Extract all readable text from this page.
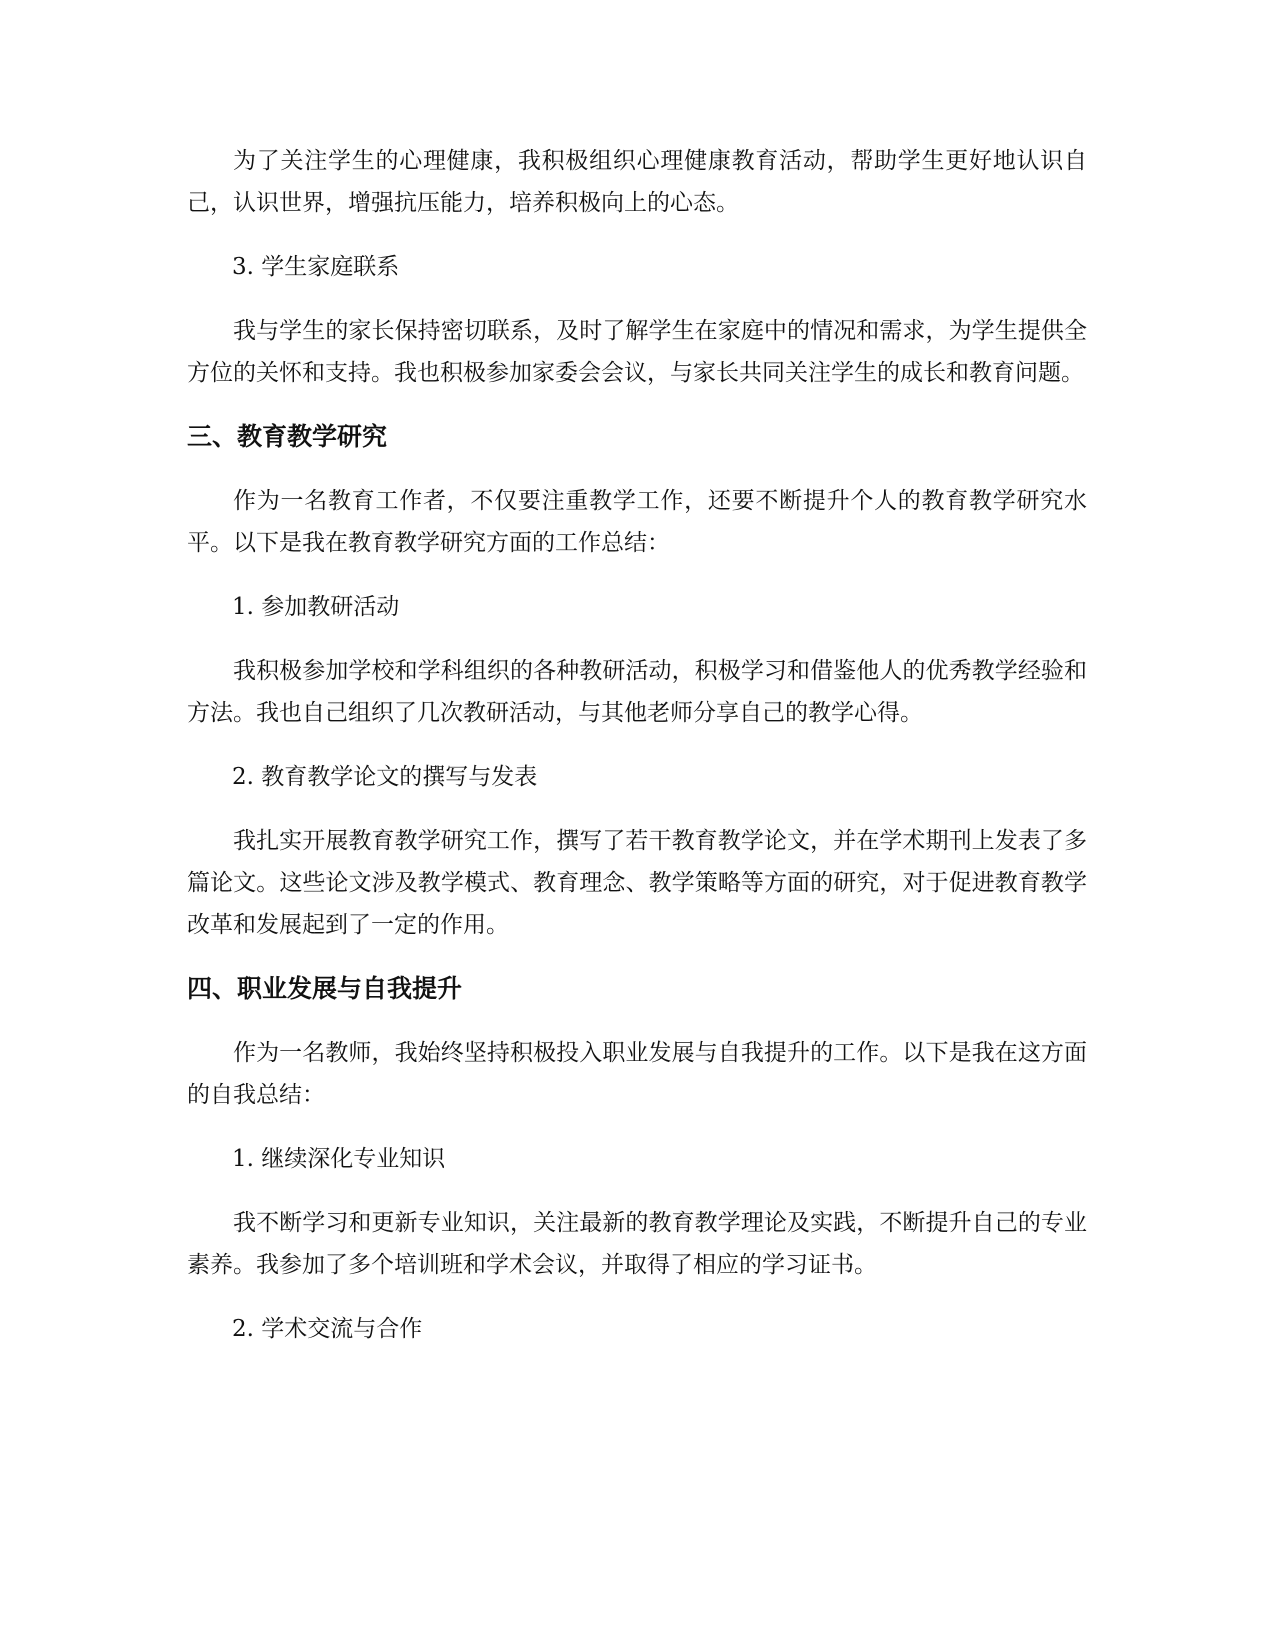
为了关注学生的心理健康，我积极组织心理健康教育活动，帮助学生更好地认识自己，认识世界，增强抗压能力，培养积极向上的心态。

3. 学生家庭联系

我与学生的家长保持密切联系，及时了解学生在家庭中的情况和需求，为学生提供全方位的关怀和支持。我也积极参加家委会会议，与家长共同关注学生的成长和教育问题。

三、教育教学研究

作为一名教育工作者，不仅要注重教学工作，还要不断提升个人的教育教学研究水平。以下是我在教育教学研究方面的工作总结：

1. 参加教研活动

我积极参加学校和学科组织的各种教研活动，积极学习和借鉴他人的优秀教学经验和方法。我也自己组织了几次教研活动，与其他老师分享自己的教学心得。

2. 教育教学论文的撰写与发表

我扎实开展教育教学研究工作，撰写了若干教育教学论文，并在学术期刊上发表了多篇论文。这些论文涉及教学模式、教育理念、教学策略等方面的研究，对于促进教育教学改革和发展起到了一定的作用。

四、职业发展与自我提升

作为一名教师，我始终坚持积极投入职业发展与自我提升的工作。以下是我在这方面的自我总结：

1. 继续深化专业知识

我不断学习和更新专业知识，关注最新的教育教学理论及实践，不断提升自己的专业素养。我参加了多个培训班和学术会议，并取得了相应的学习证书。

2. 学术交流与合作
